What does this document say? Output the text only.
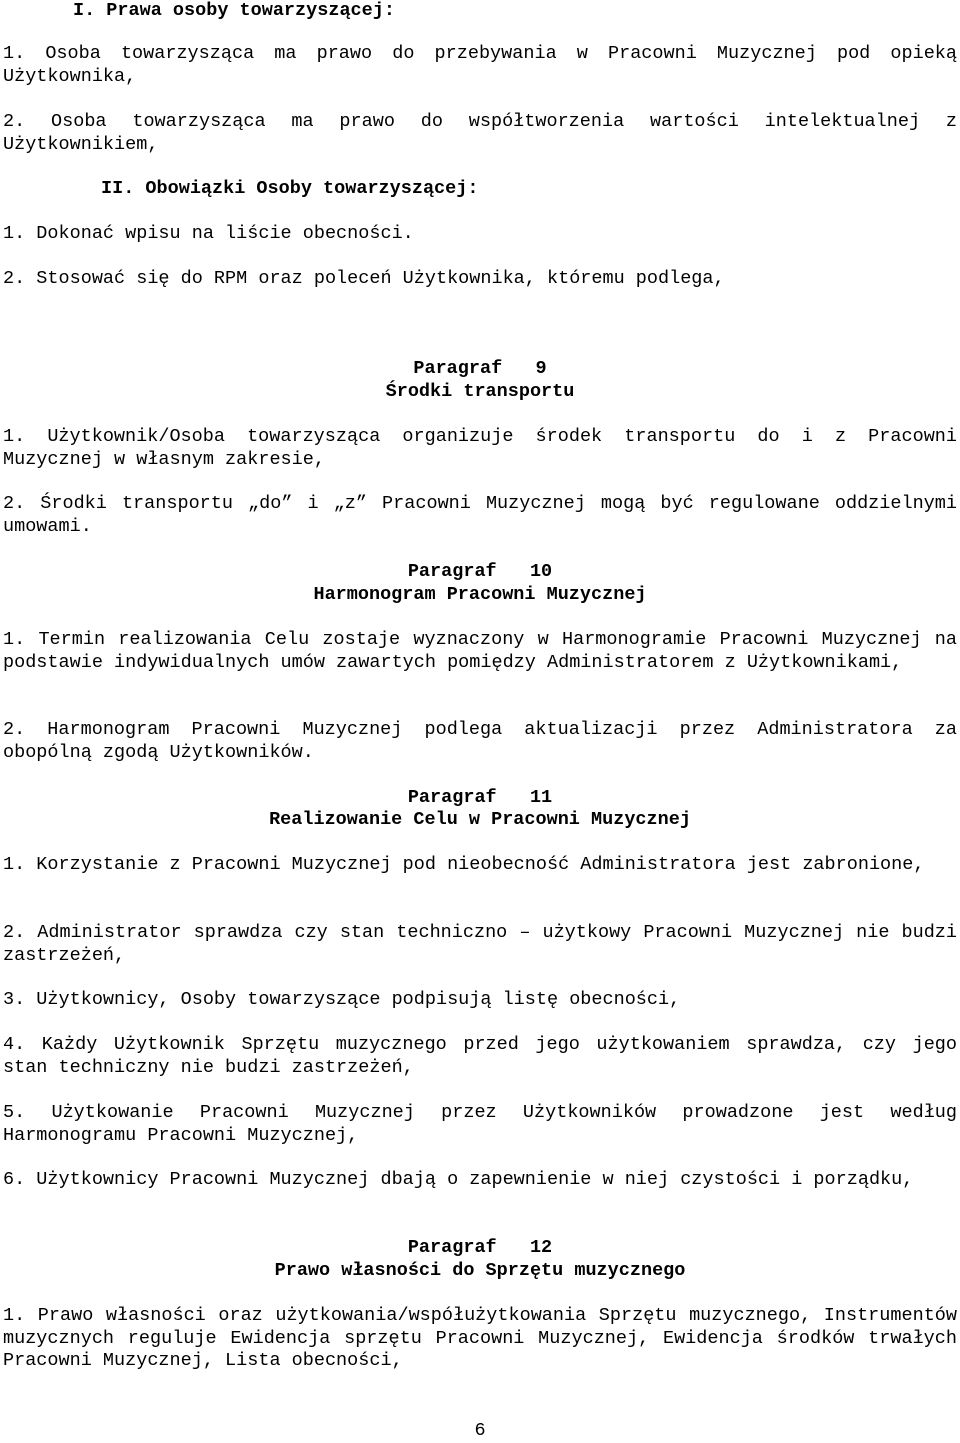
I. Prawa osoby towarzyszącej:

1. Osoba towarzysząca ma prawo do przebywania w Pracowni Muzycznej pod opieką Użytkownika,

2. Osoba towarzysząca ma prawo do współtworzenia wartości intelektualnej z Użytkownikiem,

II. Obowiązki Osoby towarzyszącej:

1. Dokonać wpisu na liście obecności.

2. Stosować się do RPM oraz poleceń Użytkownika, któremu podlega,

Paragraf   9

Środki transportu

1. Użytkownik/Osoba towarzysząca organizuje środek transportu do i z Pracowni Muzycznej w własnym zakresie,

2. Środki transportu „do” i „z” Pracowni Muzycznej mogą być regulowane oddzielnymi umowami.

Paragraf   10

Harmonogram Pracowni Muzycznej

1. Termin realizowania Celu zostaje wyznaczony w Harmonogramie Pracowni Muzycznej na podstawie indywidualnych umów zawartych pomiędzy Administratorem z Użytkownikami,

2. Harmonogram Pracowni Muzycznej podlega aktualizacji przez Administratora za obopólną zgodą Użytkowników.

Paragraf   11

Realizowanie Celu w Pracowni Muzycznej

1. Korzystanie z Pracowni Muzycznej pod nieobecność Administratora jest zabronione,

2. Administrator sprawdza czy stan techniczno – użytkowy Pracowni Muzycznej nie budzi zastrzeżeń,

3. Użytkownicy, Osoby towarzyszące podpisują listę obecności,

4. Każdy Użytkownik Sprzętu muzycznego przed jego użytkowaniem sprawdza, czy jego stan techniczny nie budzi zastrzeżeń,

5. Użytkowanie Pracowni Muzycznej przez Użytkowników prowadzone jest według Harmonogramu Pracowni Muzycznej,

6. Użytkownicy Pracowni Muzycznej dbają o zapewnienie w niej czystości i porządku,

Paragraf   12

Prawo własności do Sprzętu muzycznego

1. Prawo własności oraz użytkowania/współużytkowania Sprzętu muzycznego, Instrumentów muzycznych reguluje Ewidencja sprzętu Pracowni Muzycznej, Ewidencja środków trwałych Pracowni Muzycznej, Lista obecności,

6
